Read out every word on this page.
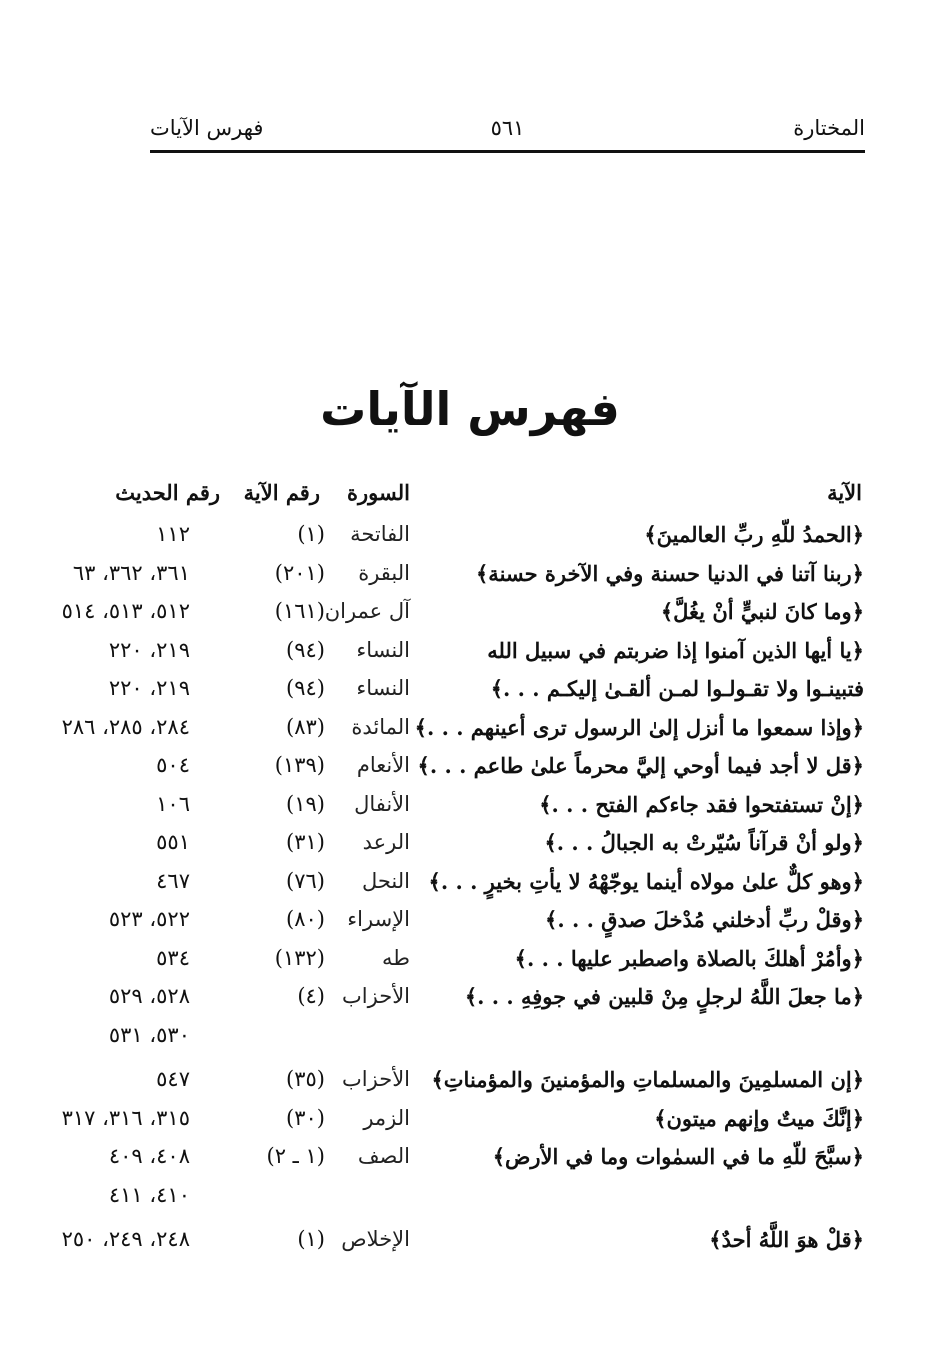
المختارة
٥٦١
فهرس الآيات
فهرس الآيات
الآية
السورة
رقم الآية
رقم الحديث
﴿الحمدُ للّهِ ربِّ العالمينَ﴾
الفاتحة
(١)
١١٢
﴿ربنا آتنا في الدنيا حسنة وفي الآخرة حسنة﴾
البقرة
(٢٠١)
٣٦١، ٣٦٢، ٦٣
﴿وما كانَ لنبيٍّ أنْ يغُلَّ﴾
آل عمران
(١٦١)
٥١٢، ٥١٣، ٥١٤
﴿يا أيها الذين آمنوا إذا ضربتم في سبيل الله
النساء
(٩٤)
٢١٩، ٢٢٠
فتبينـوا ولا تقـولـوا لمـن ألقـىٰ إليكـم . . .﴾
النساء
(٩٤)
٢١٩، ٢٢٠
﴿وإذا سمعوا ما أنزل إلىٰ الرسول ترى أعينهم . . .﴾
المائدة
(٨٣)
٢٨٤، ٢٨٥، ٢٨٦
﴿قل لا أجد فيما أوحي إليَّ محرماً علىٰ طاعم . . .﴾
الأنعام
(١٣٩)
٥٠٤
﴿إنْ تستفتحوا فقد جاءكم الفتح . . .﴾
الأنفال
(١٩)
١٠٦
﴿ولو أنْ قرآناً سُيّرتْ به الجبالُ . . .﴾
الرعد
(٣١)
٥٥١
﴿وهو كلٌّ علىٰ مولاه أينما يوجّهْهُ لا يأتِ بخيرٍ . . .﴾
النحل
(٧٦)
٤٦٧
﴿وقلْ ربِّ أدخلني مُدْخلَ صدقٍ . . .﴾
الإسراء
(٨٠)
٥٢٢، ٥٢٣
﴿وأمُرْ أهلكَ بالصلاة واصطبر عليها . . .﴾
طه
(١٣٢)
٥٣٤
﴿ما جعلَ اللَّهُ لرجلٍ مِنْ قلبين في جوفِهِ . . .﴾
الأحزاب
(٤)
٥٢٨، ٥٢٩
٥٣٠، ٥٣١
﴿إن المسلمِينَ والمسلماتِ والمؤمنينَ والمؤمناتِ﴾
الأحزاب
(٣٥)
٥٤٧
﴿إنَّكَ ميتٌ وإنهم ميتون﴾
الزمر
(٣٠)
٣١٥، ٣١٦، ٣١٧
﴿سبَّحَ للّهِ ما في السمٰوات وما في الأرض﴾
الصف
(١ ـ ٢)
٤٠٨، ٤٠٩
٤١٠، ٤١١
﴿قلْ هوَ اللَّهُ أحدٌ﴾
الإخلاص
(١)
٢٤٨، ٢٤٩، ٢٥٠
